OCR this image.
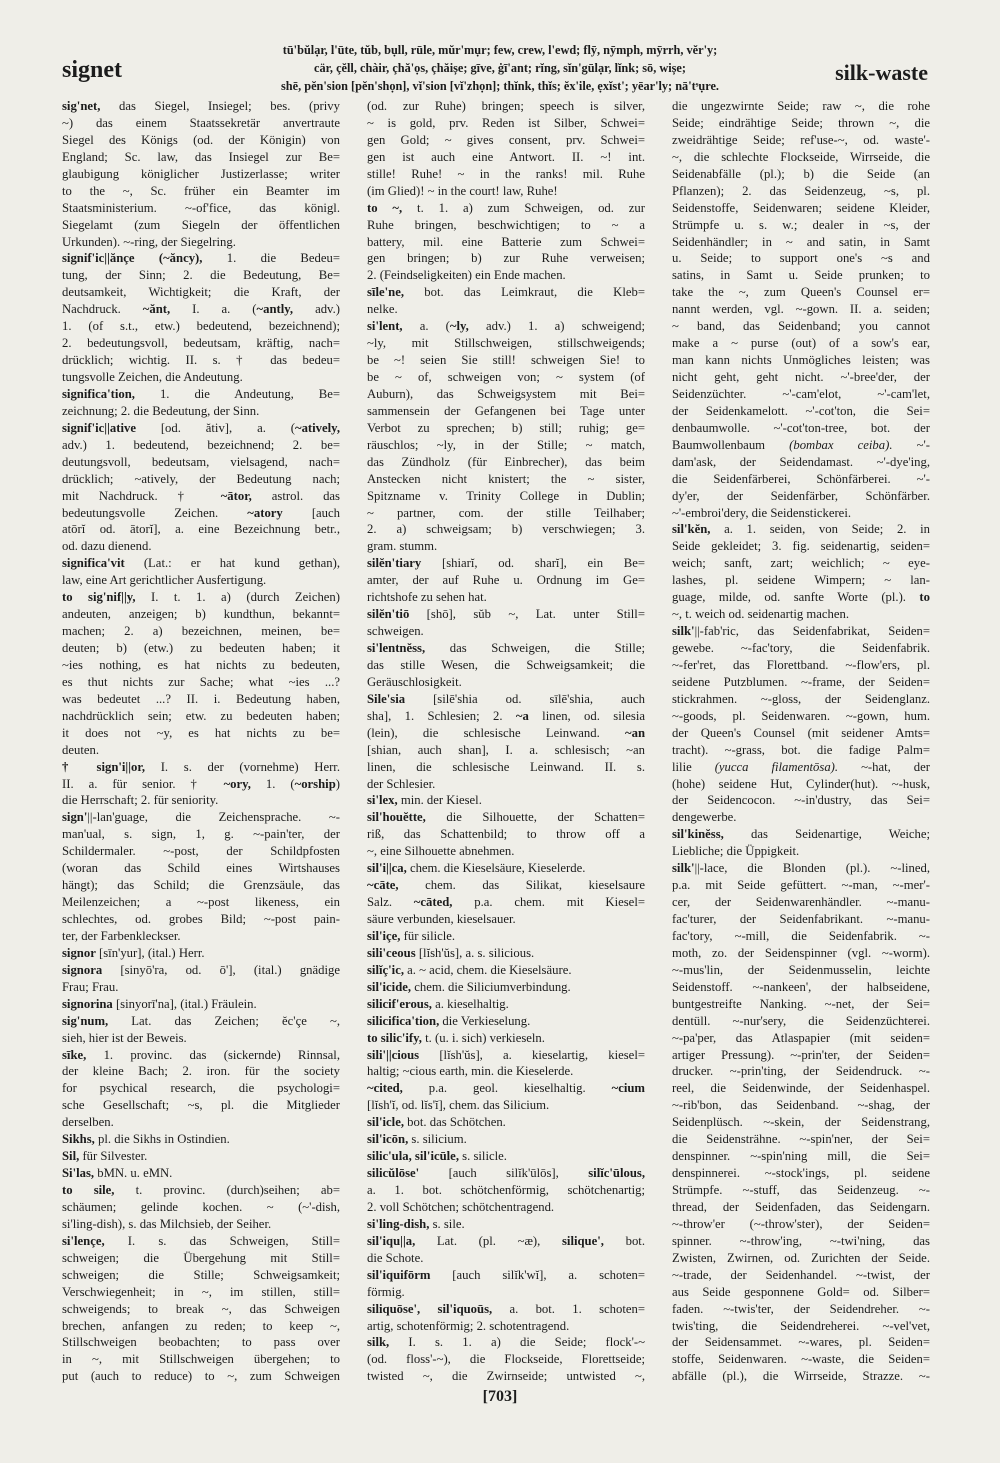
signet
tū'bŭlạr, l'ūte, tŭb, bụll, rūle, mŭr'mụr; few, crew, l'ewd; flȳ, nȳmph, mȳrrh, vĕr'y;
cär, çĕll, chàir, çhă'ọs, çhăișe; gīve, ġī'ant; rĭng, sĭn'gūlạr, lĭnk; sō, wișe;
shē, pĕn'sion [pĕn'shọn], vĭ'sion [vĭ'zhọn]; thĭnk, thĭs; ĕx'ile, ẹxĭst'; yēar'ly; nā'tˢụre.
silk-waste
sig'net, das Siegel, Insiegel; bes. (privy
~) das einem Staatssekretär anvertraute
Siegel des Königs (od. der Königin) von
England; Sc. law, das Insiegel zur Be=
glaubigung königlicher Justizerlasse; writer
to the ~, Sc. früher ein Beamter im
Staatsministerium. ~-of'fice, das königl.
Siegelamt (zum Siegeln der öffentlichen
Urkunden). ~-ring, der Siegelring.
signif'ic||ănçe (~ăncy), 1. die Bedeu=
tung, der Sinn; 2. die Bedeutung, Be=
deutsamkeit, Wichtigkeit; die Kraft, der
Nachdruck. ~ănt, I. a. (~antly, adv.)
1. (of s.t., etw.) bedeutend, bezeichnend);
2. bedeutungsvoll, bedeutsam, kräftig, nach=
drücklich; wichtig. II. s. † das bedeu=
tungsvolle Zeichen, die Andeutung.
significa'tion, 1. die Andeutung, Be=
zeichnung; 2. die Bedeutung, der Sinn.
signif'ic||ative [od. ătiv], a. (~atively,
adv.) 1. bedeutend, bezeichnend; 2. be=
deutungsvoll, bedeutsam, vielsagend, nach=
drücklich; ~atively, der Bedeutung nach;
mit Nachdruck. † ~ātor, astrol. das
bedeutungsvolle Zeichen. ~atory [auch
atōrĭ od. ātorĭ], a. eine Bezeichnung betr.,
od. dazu dienend.
significa'vit (Lat.: er hat kund gethan),
law, eine Art gerichtlicher Ausfertigung.
to sig'nif||y, I. t. 1. a) (durch Zeichen)
andeuten, anzeigen; b) kundthun, bekannt=
machen; 2. a) bezeichnen, meinen, be=
deuten; b) (etw.) zu bedeuten haben; it
~ies nothing, es hat nichts zu bedeuten,
es thut nichts zur Sache; what ~ies ...?
was bedeutet ...? II. i. Bedeutung haben,
nachdrücklich sein; etw. zu bedeuten haben;
it does not ~y, es hat nichts zu be=
deuten.
† sign'i||or, I. s. der (vornehme) Herr.
II. a. für senior. † ~ory, 1. (~orship)
die Herrschaft; 2. für seniority.
sign'||-lan'guage, die Zeichensprache. ~-
man'ual, s. sign, 1, g. ~-pain'ter, der
Schildermaler. ~-post, der Schildpfosten
(woran das Schild eines Wirtshauses
hängt); das Schild; die Grenzsäule, das
Meilenzeichen; a ~-post likeness, ein
schlechtes, od. grobes Bild; ~-post pain-
ter, der Farbenkleckser.
signor [sīn'yur], (ital.) Herr.
signora [sinyō'ra, od. ō'], (ital.) gnädige
Frau; Frau.
signorina [sinyorī'na], (ital.) Fräulein.
sig'num, Lat. das Zeichen; ĕc'çe ~,
sieh, hier ist der Beweis.
sīke, 1. provinc. das (sickernde) Rinnsal,
der kleine Bach; 2. iron. für the society
for psychical research, die psychologi=
sche Gesellschaft; ~s, pl. die Mitglieder
derselben.
Sikhs, pl. die Sikhs in Ostindien.
Sil, für Silvester.
Si'las, bMN. u. eMN.
to sile, t. provinc. (durch)seihen; ab=
schäumen; gelinde kochen. ~ (~'-dish,
si'ling-dish), s. das Milchsieb, der Seiher.
si'lençe, I. s. das Schweigen, Still=
schweigen; die Übergehung mit Still=
schweigen; die Stille; Schweigsamkeit;
Verschwiegenheit; in ~, im stillen, still=
schweigends; to break ~, das Schweigen
brechen, anfangen zu reden; to keep ~,
Stillschweigen beobachten; to pass over
in ~, mit Stillschweigen übergehen; to
put (auch to reduce) to ~, zum Schweigen
(od. zur Ruhe) bringen; speech is silver,
~ is gold, prv. Reden ist Silber, Schwei=
gen Gold; ~ gives consent, prv. Schwei=
gen ist auch eine Antwort. II. ~! int.
stille! Ruhe! ~ in the ranks! mil. Ruhe
(im Glied)! ~ in the court! law, Ruhe!
to ~, t. 1. a) zum Schweigen, od. zur
Ruhe bringen, beschwichtigen; to ~ a
battery, mil. eine Batterie zum Schwei=
gen bringen; b) zur Ruhe verweisen;
2. (Feindseligkeiten) ein Ende machen.
sīle'ne, bot. das Leimkraut, die Kleb=
nelke.
si'lent, a. (~ly, adv.) 1. a) schweigend;
~ly, mit Stillschweigen, stillschweigends;
be ~! seien Sie still! schweigen Sie! to
be ~ of, schweigen von; ~ system (of
Auburn), das Schweigsystem mit Bei=
sammensein der Gefangenen bei Tage unter
Verbot zu sprechen; b) still; ruhig; ge=
räuschlos; ~ly, in der Stille; ~ match,
das Zündholz (für Einbrecher), das beim
Anstecken nicht knistert; the ~ sister,
Spitzname v. Trinity College in Dublin;
~ partner, com. der stille Teilhaber;
2. a) schweigsam; b) verschwiegen; 3.
gram. stumm.
silĕn'tiary [shiarĭ, od. sharĭ], ein Be=
amter, der auf Ruhe u. Ordnung im Ge=
richtshofe zu sehen hat.
silĕn'tiō [shō], sŭb ~, Lat. unter Still=
schweigen.
si'lentnĕss, das Schweigen, die Stille;
das stille Wesen, die Schweigsamkeit; die
Geräuschlosigkeit.
Sile'sia [silē'shia od. sīlē'shia, auch
sha], 1. Schlesien; 2. ~a linen, od. silesia
(lein), die schlesische Leinwand. ~an
[shian, auch shan], I. a. schlesisch; ~an
linen, die schlesische Leinwand. II. s.
der Schlesier.
si'lex, min. der Kiesel.
sil'houĕtte, die Silhouette, der Schatten=
riß, das Schattenbild; to throw off a
~, eine Silhouette abnehmen.
sil'i||ca, chem. die Kieselsäure, Kieselerde.
~cāte, chem. das Silikat, kieselsaure
Salz. ~cāted, p.a. chem. mit Kiesel=
säure verbunden, kieselsauer.
sil'içe, für silicle.
sili'ceous [lĭsh'ŭs], a. s. silicious.
silĭç'ic, a. ~ acid, chem. die Kieselsäure.
sil'icide, chem. die Siliciumverbindung.
silicif'erous, a. kieselhaltig.
silicifica'tion, die Verkieselung.
to silic'ify, t. (u. i. sich) verkieseln.
sili'||cious [lĭsh'ŭs], a. kieselartig, kiesel=
haltig; ~cious earth, min. die Kieselerde.
~cited, p.a. geol. kieselhaltig. ~cium
[lĭsh'ĭ, od. lĭs'ĭ], chem. das Silicium.
sil'icle, bot. das Schötchen.
sil'icōn, s. silicium.
silic'ula, sil'icūle, s. silicle.
silicŭlōse' [auch silĭk'ūlōs], silĭc'ūlous,
a. 1. bot. schötchenförmig, schötchenartig;
2. voll Schötchen; schötchentragend.
si'ling-dish, s. sile.
sil'iqu||a, Lat. (pl. ~æ), silique', bot.
die Schote.
sil'iquifōrm [auch silĭk'wĭ], a. schoten=
förmig.
siliquōse', sil'iquoūs, a. bot. 1. schoten=
artig, schotenförmig; 2. schotentragend.
silk, I. s. 1. a) die Seide; flock'-~
(od. floss'-~), die Flockseide, Florettseide;
twisted ~, die Zwirnseide; untwisted ~,
die ungezwirnte Seide; raw ~, die rohe
Seide; eindrähtige Seide; thrown ~, die
zweidrähtige Seide; ref'use-~, od. waste'-
~, die schlechte Flockseide, Wirrseide, die
Seidenabfälle (pl.); b) die Seide (an
Pflanzen); 2. das Seidenzeug, ~s, pl.
Seidenstoffe, Seidenwaren; seidene Kleider,
Strümpfe u. s. w.; dealer in ~s, der
Seidenhändler; in ~ and satin, in Samt
u. Seide; to support one's ~s and
satins, in Samt u. Seide prunken; to
take the ~, zum Queen's Counsel er=
nannt werden, vgl. ~-gown. II. a. seiden;
~ band, das Seidenband; you cannot
make a ~ purse (out) of a sow's ear,
man kann nichts Unmögliches leisten; was
nicht geht, geht nicht. ~'-bree'der, der
Seidenzüchter. ~'-cam'elot, ~'-cam'let,
der Seidenkamelott. ~'-cot'ton, die Sei=
denbaumwolle. ~'-cot'ton-tree, bot. der
Baumwollenbaum (bombax ceiba). ~'-
dam'ask, der Seidendamast. ~'-dye'ing,
die Seidenfärberei, Schönfärberei. ~'-
dy'er, der Seidenfärber, Schönfärber.
~'-embroi'dery, die Seidenstickerei.
sil'kĕn, a. 1. seiden, von Seide; 2. in
Seide gekleidet; 3. fig. seidenartig, seiden=
weich; sanft, zart; weichlich; ~ eye-
lashes, pl. seidene Wimpern; ~ lan-
guage, milde, od. sanfte Worte (pl.). to
~, t. weich od. seidenartig machen.
silk'||-fab'ric, das Seidenfabrikat, Seiden=
gewebe. ~-fac'tory, die Seidenfabrik.
~-fer'ret, das Florettband. ~-flow'ers, pl.
seidene Putzblumen. ~-frame, der Seiden=
stickrahmen. ~-gloss, der Seidenglanz.
~-goods, pl. Seidenwaren. ~-gown, hum.
der Queen's Counsel (mit seidener Amts=
tracht). ~-grass, bot. die fadige Palm=
lilie (yucca filamentōsa). ~-hat, der
(hohe) seidene Hut, Cylinder(hut). ~-husk,
der Seidencocon. ~-in'dustry, das Sei=
dengewerbe.
sil'kinĕss, das Seidenartige, Weiche;
Liebliche; die Üppigkeit.
silk'||-lace, die Blonden (pl.). ~-lined,
p.a. mit Seide gefüttert. ~-man, ~-mer'-
cer, der Seidenwarenhändler. ~-manu-
fac'turer, der Seidenfabrikant. ~-manu-
fac'tory, ~-mill, die Seidenfabrik. ~-
moth, zo. der Seidenspinner (vgl. ~-worm).
~-mus'lin, der Seidenmusselin, leichte
Seidenstoff. ~-nankeen', der halbseidene,
buntgestreifte Nanking. ~-net, der Sei=
dentüll. ~-nur'sery, die Seidenzüchterei.
~-pa'per, das Atlaspapier (mit seiden=
artiger Pressung). ~-prin'ter, der Seiden=
drucker. ~-prin'ting, der Seidendruck. ~-
reel, die Seidenwinde, der Seidenhaspel.
~-rib'bon, das Seidenband. ~-shag, der
Seidenplüsch. ~-skein, der Seidenstrang,
die Seidensträhne. ~-spin'ner, der Sei=
denspinner. ~-spin'ning mill, die Sei=
denspinnerei. ~-stock'ings, pl. seidene
Strümpfe. ~-stuff, das Seidenzeug. ~-
thread, der Seidenfaden, das Seidengarn.
~-throw'er (~-throw'ster), der Seiden=
spinner. ~-throw'ing, ~-twi'ning, das
Zwisten, Zwirnen, od. Zurichten der Seide.
~-trade, der Seidenhandel. ~-twist, der
aus Seide gesponnene Gold= od. Silber=
faden. ~-twis'ter, der Seidendreher. ~-
twis'ting, die Seidendreherei. ~-vel'vet,
der Seidensammet. ~-wares, pl. Seiden=
stoffe, Seidenwaren. ~-waste, die Seiden=
abfälle (pl.), die Wirrseide, Strazze. ~-
[703]
